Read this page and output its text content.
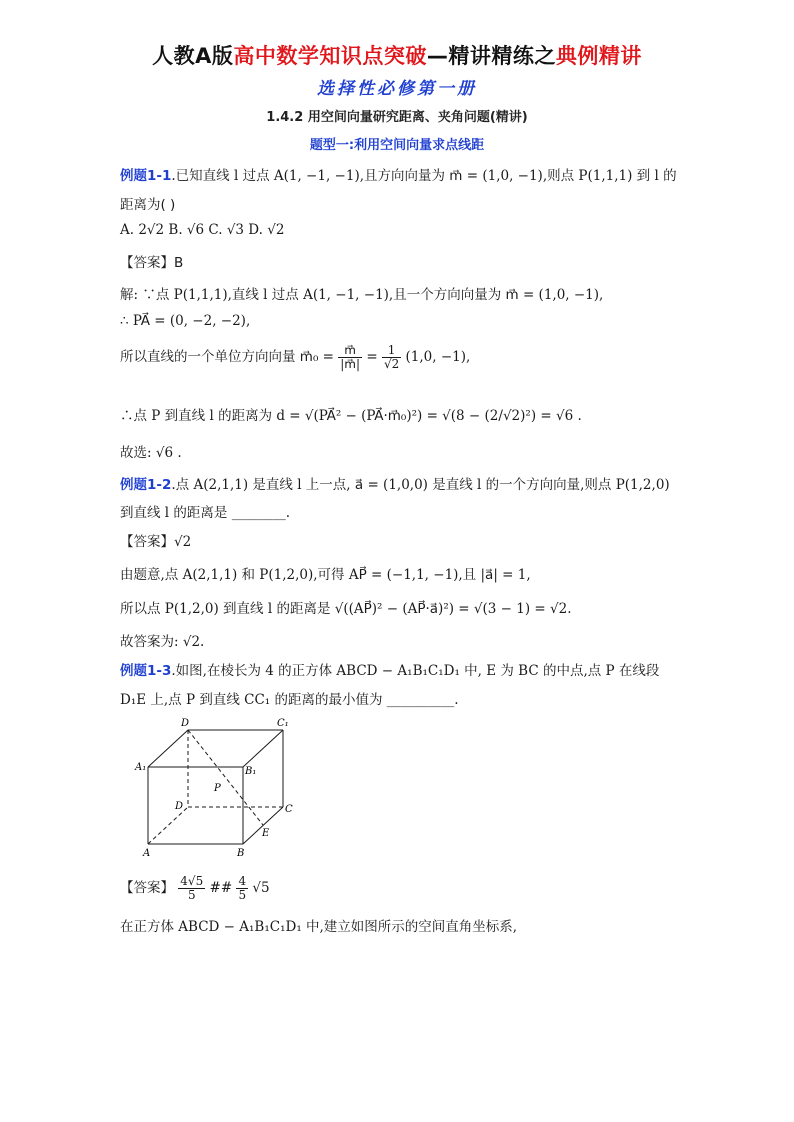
人教A版高中数学知识点突破—精讲精练之典例精讲
选择性必修第一册
1.4.2 用空间向量研究距离、夹角问题(精讲)
题型一:利用空间向量求点线距
例题1-1.已知直线 l 过点 A(1, −1, −1),且方向向量为 m⃗ = (1,0, −1),则点 P(1,1,1) 到 l 的
距离为( )
A. 2√2 B. √6 C. √3 D. √2
【答案】B
解: ∵点 P(1,1,1),直线 l 过点 A(1, −1, −1),且一个方向向量为 m⃗ = (1,0, −1),
∴ PA⃗ = (0, −2, −2),
所以直线的一个单位方向向量 m⃗₀ = $\frac{m⃗}{|m⃗|} = \frac{1}{√2} (1,0$, −1),
∴点 P 到直线 l 的距离为 d = √(PA⃗² − (PA⃗·m⃗₀)²) = √(8 − (2/√2)²) = √6 .
故选: √6 .
例题1-2.点 A(2,1,1) 是直线 l 上一点, a⃗ = (1,0,0) 是直线 l 的一个方向向量,则点 P(1,2,0)
到直线 l 的距离是 ________.
【答案】√2
由题意,点 A(2,1,1) 和 P(1,2,0),可得 AP⃗ = (−1,1, −1),且 |a⃗| = 1,
所以点 P(1,2,0) 到直线 l 的距离是 √((AP⃗)² − (AP⃗·a⃗)²) = √(3 − 1) = √2.
故答案为: √2.
例题1-3.如图,在棱长为 4 的正方体 ABCD − A₁B₁C₁D₁ 中, E 为 BC 的中点,点 P 在线段
D₁E 上,点 P 到直线 CC₁ 的距离的最小值为 __________.
D	C₁
A₁	B₁
P
D	C
E
A	B
【答案】 $\frac{4√5}{5}$ ## $\frac{4}{5} √5$
在正方体 ABCD − A₁B₁C₁D₁ 中,建立如图所示的空间直角坐标系,
